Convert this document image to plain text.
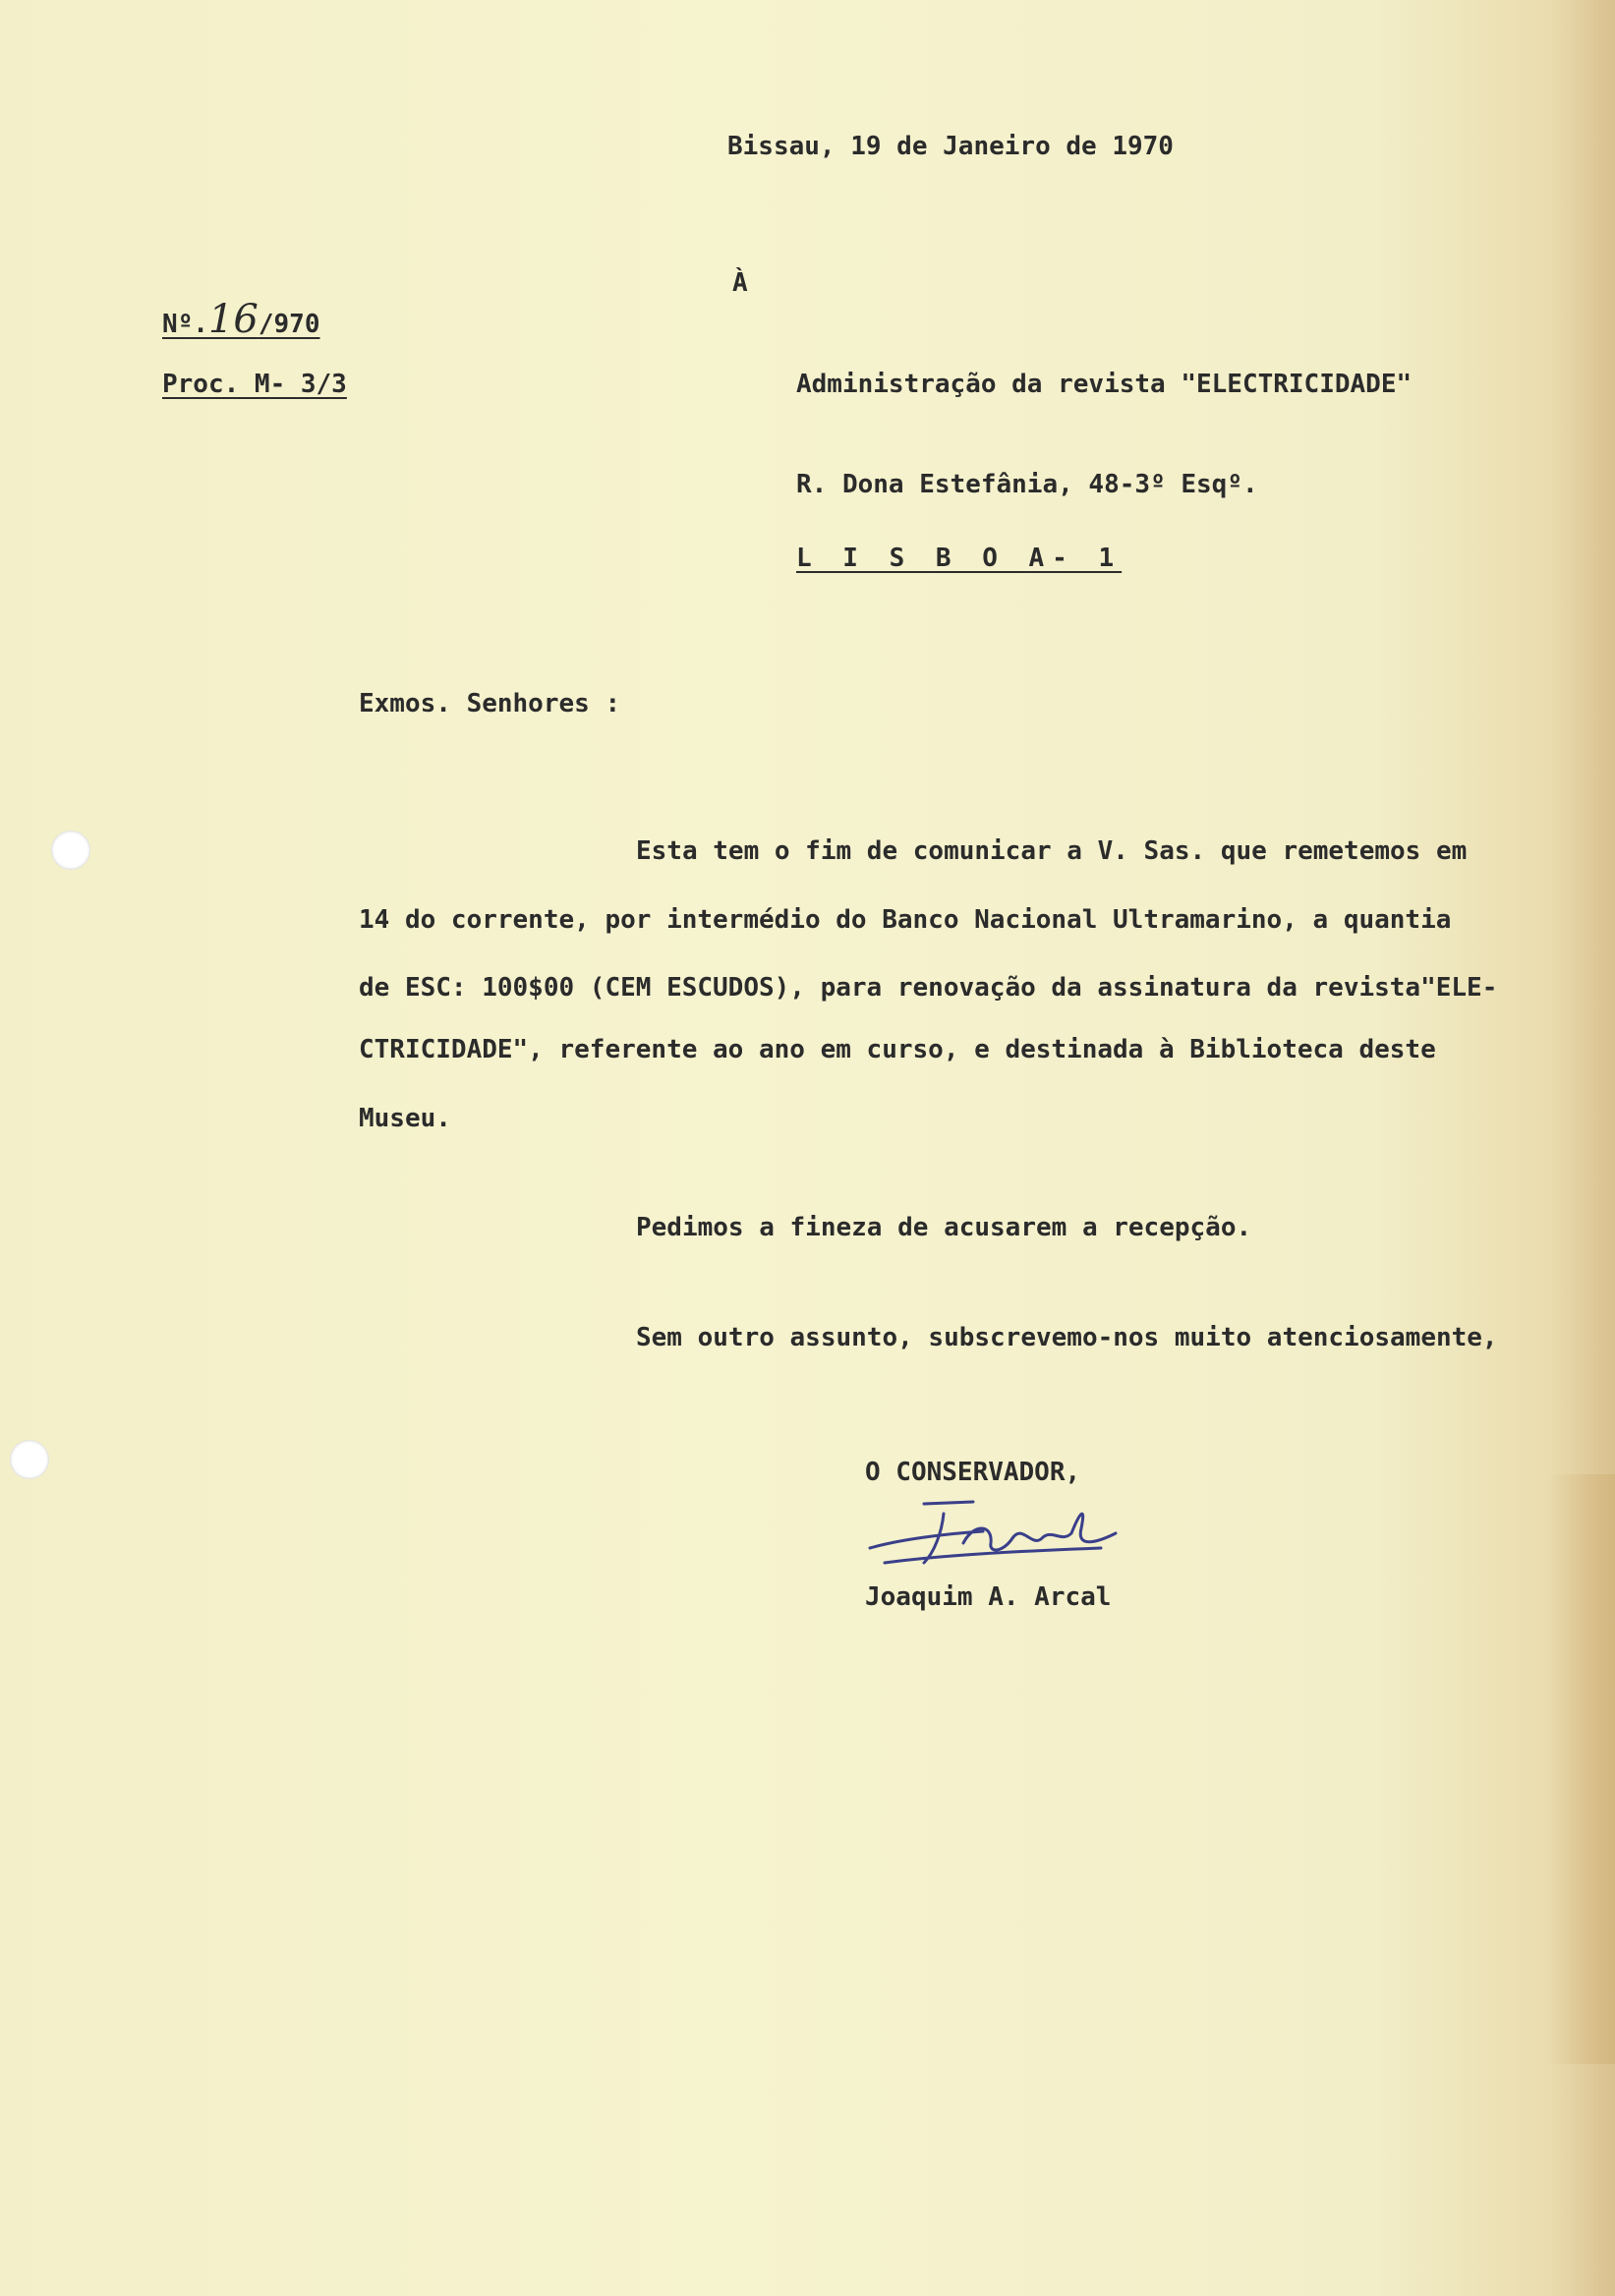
Bissau, 19 de Janeiro de 1970
À
Nº.16/970
Proc. M- 3/3	Administração da revista "ELECTRICIDADE"
R. Dona Estefânia, 48-3º Esqº.
L I S B O A- 1
Exmos. Senhores :
Esta tem o fim de comunicar a V. Sas. que remetemos em
14 do corrente, por intermédio do Banco Nacional Ultramarino, a quantia
de ESC: 100$00 (CEM ESCUDOS), para renovação da assinatura da revista"ELE-
CTRICIDADE", referente ao ano em curso, e destinada à Biblioteca deste
Museu.
Pedimos a fineza de acusarem a recepção.
Sem outro assunto, subscrevemo-nos muito atenciosamente,
O CONSERVADOR,
Joaquim A. Arcal
